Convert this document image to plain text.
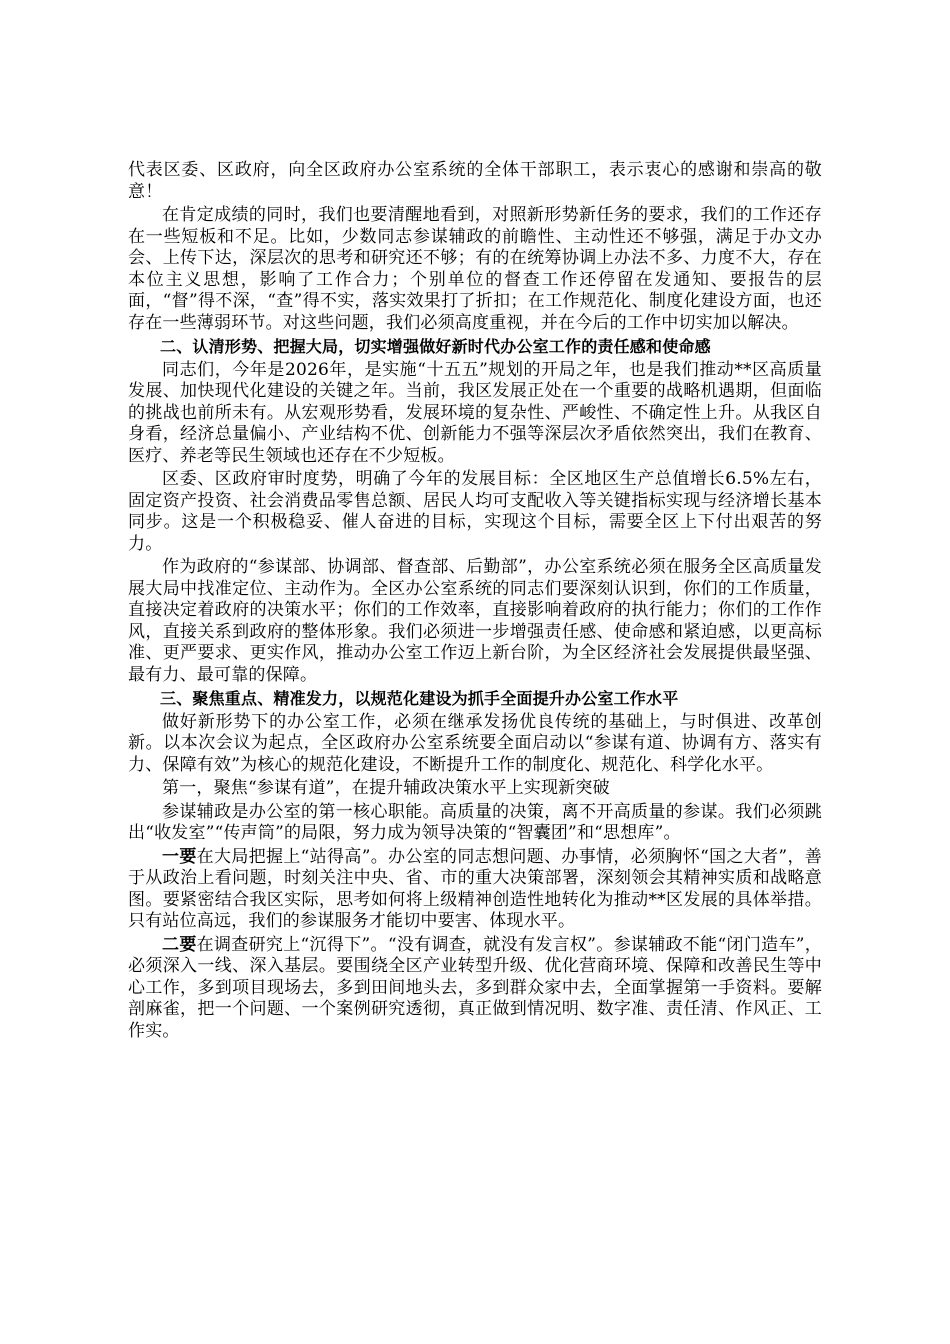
代表区委、区政府，向全区政府办公室系统的全体干部职工，表示衷心的感谢和崇高的敬意！

在肯定成绩的同时，我们也要清醒地看到，对照新形势新任务的要求，我们的工作还存在一些短板和不足。比如，少数同志参谋辅政的前瞻性、主动性还不够强，满足于办文办会、上传下达，深层次的思考和研究还不够；有的在统筹协调上办法不多、力度不大，存在本位主义思想，影响了工作合力；个别单位的督查工作还停留在发通知、要报告的层面，“督”得不深，“查”得不实，落实效果打了折扣；在工作规范化、制度化建设方面，也还存在一些薄弱环节。对这些问题，我们必须高度重视，并在今后的工作中切实加以解决。

二、认清形势、把握大局，切实增强做好新时代办公室工作的责任感和使命感

同志们，今年是2026年，是实施“十五五”规划的开局之年，也是我们推动**区高质量发展、加快现代化建设的关键之年。当前，我区发展正处在一个重要的战略机遇期，但面临的挑战也前所未有。从宏观形势看，发展环境的复杂性、严峻性、不确定性上升。从我区自身看，经济总量偏小、产业结构不优、创新能力不强等深层次矛盾依然突出，我们在教育、医疗、养老等民生领域也还存在不少短板。

区委、区政府审时度势，明确了今年的发展目标：全区地区生产总值增长6.5%左右，固定资产投资、社会消费品零售总额、居民人均可支配收入等关键指标实现与经济增长基本同步。这是一个积极稳妥、催人奋进的目标，实现这个目标，需要全区上下付出艰苦的努力。

作为政府的“参谋部、协调部、督查部、后勤部”，办公室系统必须在服务全区高质量发展大局中找准定位、主动作为。全区办公室系统的同志们要深刻认识到，你们的工作质量，直接决定着政府的决策水平；你们的工作效率，直接影响着政府的执行能力；你们的工作作风，直接关系到政府的整体形象。我们必须进一步增强责任感、使命感和紧迫感，以更高标准、更严要求、更实作风，推动办公室工作迈上新台阶，为全区经济社会发展提供最坚强、最有力、最可靠的保障。

三、聚焦重点、精准发力，以规范化建设为抓手全面提升办公室工作水平

做好新形势下的办公室工作，必须在继承发扬优良传统的基础上，与时俱进、改革创新。以本次会议为起点，全区政府办公室系统要全面启动以“参谋有道、协调有方、落实有力、保障有效”为核心的规范化建设，不断提升工作的制度化、规范化、科学化水平。

第一，聚焦“参谋有道”，在提升辅政决策水平上实现新突破

参谋辅政是办公室的第一核心职能。高质量的决策，离不开高质量的参谋。我们必须跳出“收发室”“传声筒”的局限，努力成为领导决策的“智囊团”和“思想库”。

一要在大局把握上“站得高”。办公室的同志想问题、办事情，必须胸怀“国之大者”，善于从政治上看问题，时刻关注中央、省、市的重大决策部署，深刻领会其精神实质和战略意图。要紧密结合我区实际，思考如何将上级精神创造性地转化为推动**区发展的具体举措。只有站位高远，我们的参谋服务才能切中要害、体现水平。

二要在调查研究上“沉得下”。“没有调查，就没有发言权”。参谋辅政不能“闭门造车”，必须深入一线、深入基层。要围绕全区产业转型升级、优化营商环境、保障和改善民生等中心工作，多到项目现场去，多到田间地头去，多到群众家中去，全面掌握第一手资料。要解剖麻雀，把一个问题、一个案例研究透彻，真正做到情况明、数字准、责任清、作风正、工作实。
